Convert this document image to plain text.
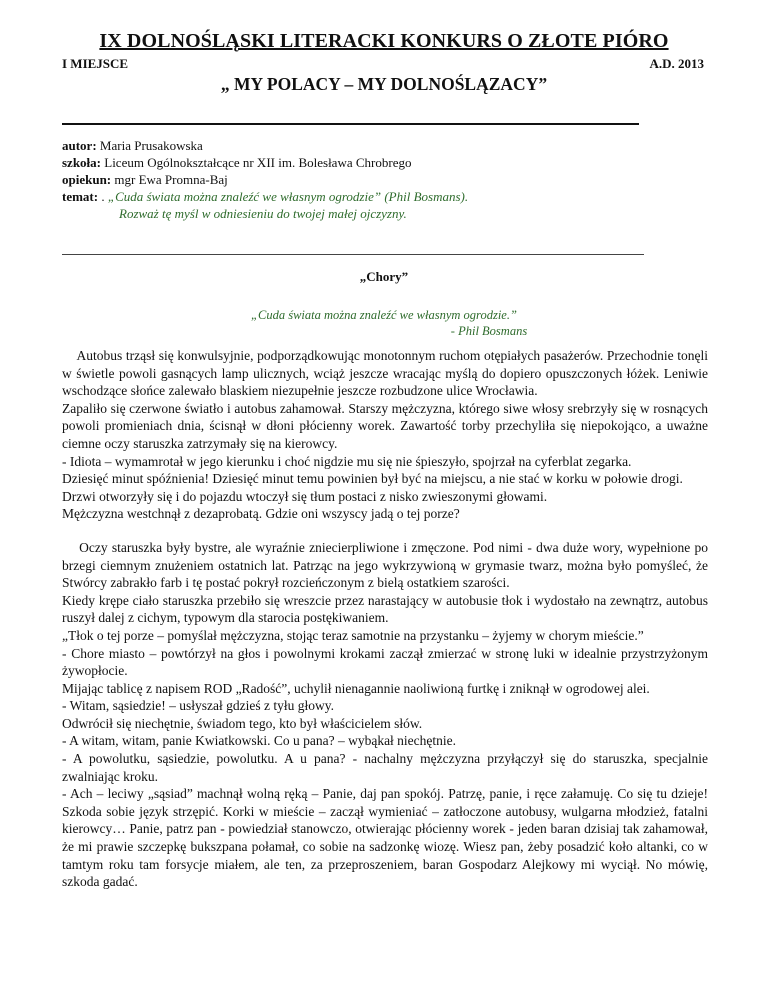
IX DOLNOŚLĄSKI LITERACKI KONKURS O ZŁOTE PIÓRO
I MIEJSCE	A.D. 2013
„ MY POLACY – MY DOLNOŚLĄZACY”
autor: Maria Prusakowska
szkoła: Liceum Ogólnokształcące nr XII im. Bolesława Chrobrego
opiekun: mgr Ewa Promna-Baj
temat: . „Cuda świata można znaleźć we własnym ogrodzie” (Phil Bosmans).
Rozważ tę myśl w odniesieniu do twojej małej ojczyzny.
„Chory”
„Cuda świata można znaleźć we własnym ogrodzie.”
- Phil Bosmans

Autobus trząsł się konwulsyjnie, podporządkowując monotonnym ruchom otępiałych pasażerów. Przechodnie tonęli w świetle powoli gasnących lamp ulicznych, wciąż jeszcze wracając myślą do dopiero opuszczonych łóżek. Leniwie wschodzące słońce zalewało blaskiem niezupełnie jeszcze rozbudzone ulice Wrocławia.

Zapaliło się czerwone światło i autobus zahamował. Starszy mężczyzna, którego siwe włosy srebrzyły się w rosnących powoli promieniach dnia, ścisnął w dłoni płócienny worek. Zawartość torby przechyliła się niepokojąco, a uważne ciemne oczy staruszka zatrzymały się na kierowcy.

- Idiota – wymamrotał w jego kierunku i choć nigdzie mu się nie śpieszyło, spojrzał na cyferblat zegarka.

Dziesięć minut spóźnienia! Dziesięć minut temu powinien był być na miejscu, a nie stać w korku w połowie drogi.

Drzwi otworzyły się i do pojazdu wtoczył się tłum postaci z nisko zwieszonymi głowami.

Mężczyzna westchnął z dezaprobatą. Gdzie oni wszyscy jadą o tej porze?

Oczy staruszka były bystre, ale wyraźnie zniecierpliwione i zmęczone. Pod nimi - dwa duże wory, wypełnione po brzegi ciemnym znużeniem ostatnich lat. Patrząc na jego wykrzywioną w grymasie twarz, można było pomyśleć, że Stwórcy zabrakło farb i tę postać pokrył rozcieńczonym z bielą ostatkiem szarości.

Kiedy krępe ciało staruszka przebiło się wreszcie przez narastający w autobusie tłok i wydostało na zewnątrz, autobus ruszył dalej z cichym, typowym dla starocia postękiwaniem.

„Tłok o tej porze – pomyślał mężczyzna, stojąc teraz samotnie na przystanku – żyjemy w chorym mieście.”

- Chore miasto – powtórzył na głos i powolnymi krokami zaczął zmierzać w stronę luki w idealnie przystrzyżonym żywopłocie.

Mijając tablicę z napisem ROD „Radość”, uchylił nienagannie naoliwioną furtkę i zniknął w ogrodowej alei.

- Witam, sąsiedzie! – usłyszał gdzieś z tyłu głowy.

Odwrócił się niechętnie, świadom tego, kto był właścicielem słów.

- A witam, witam, panie Kwiatkowski. Co u pana? – wybąkał niechętnie.

- A powolutku, sąsiedzie, powolutku. A u pana? - nachalny mężczyzna przyłączył się do staruszka, specjalnie zwalniając kroku.

- Ach – leciwy „sąsiad” machnął wolną ręką – Panie, daj pan spokój. Patrzę, panie, i ręce załamuję. Co się tu dzieje! Szkoda sobie język strzępić. Korki w mieście – zaczął wymieniać – zatłoczone autobusy, wulgarna młodzież, fatalni kierowcy… Panie, patrz pan - powiedział stanowczo, otwierając płócienny worek - jeden baran dzisiaj tak zahamował, że mi prawie szczepkę bukszpana połamał, co sobie na sadzonkę wiozę. Wiesz pan, żeby posadzić koło altanki, co w tamtym roku tam forsycje miałem, ale ten, za przeproszeniem, baran Gospodarz Alejkowy mi wyciął. No mówię, szkoda gadać.
